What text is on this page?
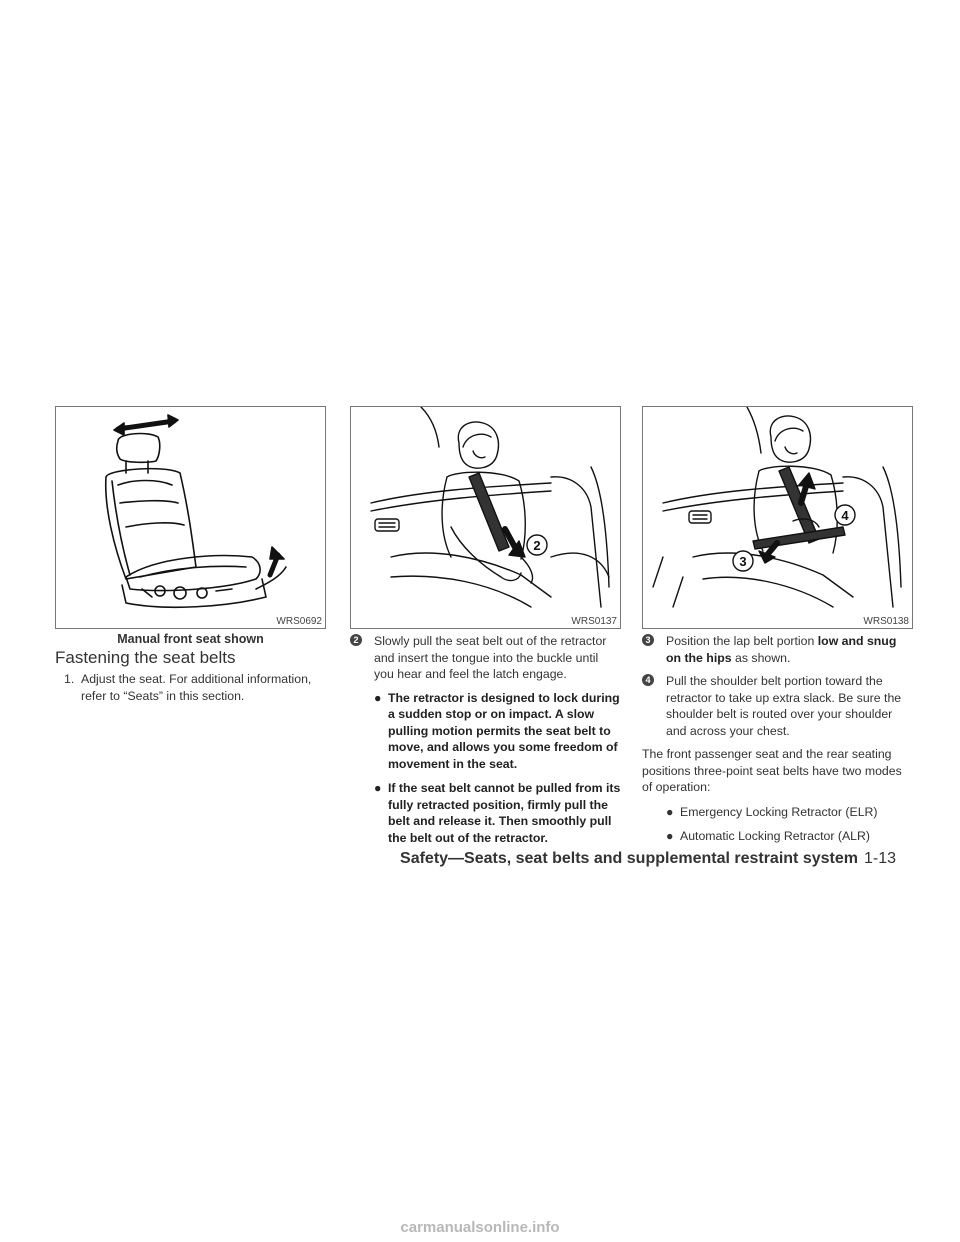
WRS0692
2
WRS0137
4
3
WRS0138
Manual front seat shown
Fastening the seat belts
1. Adjust the seat. For additional information, refer to “Seats” in this section.
2 Slowly pull the seat belt out of the retractor and insert the tongue into the buckle until you hear and feel the latch engage.
● The retractor is designed to lock during a sudden stop or on impact. A slow pulling motion permits the seat belt to move, and allows you some freedom of movement in the seat.
● If the seat belt cannot be pulled from its fully retracted position, firmly pull the belt and release it. Then smoothly pull the belt out of the retractor.
3 Position the lap belt portion low and snug on the hips as shown.
4 Pull the shoulder belt portion toward the retractor to take up extra slack. Be sure the shoulder belt is routed over your shoulder and across your chest.

The front passenger seat and the rear seating positions three-point seat belts have two modes of operation:

● Emergency Locking Retractor (ELR)
● Automatic Locking Retractor (ALR)
Safety—Seats, seat belts and supplemental restraint system 1-13
carmanualsonline.info
